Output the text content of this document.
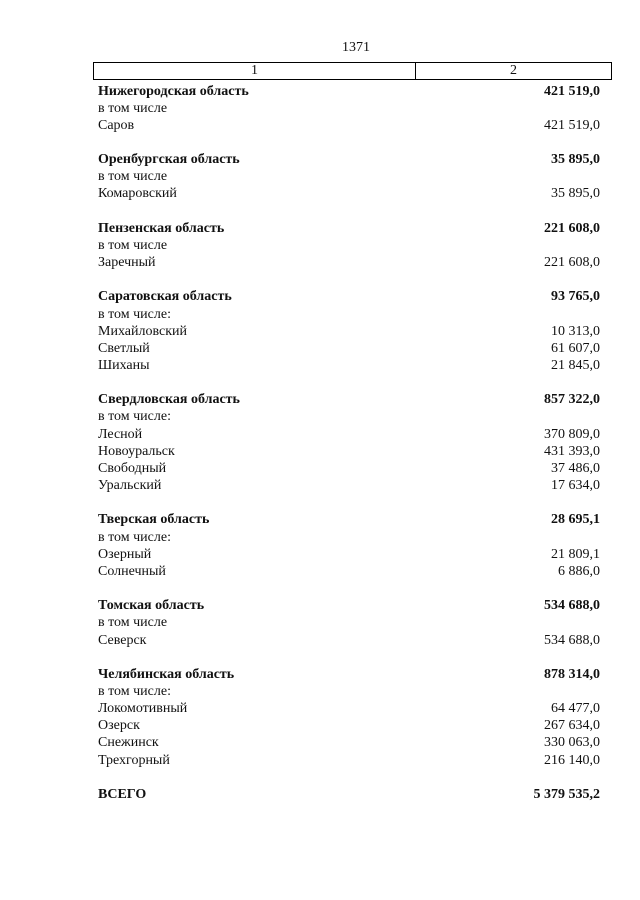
1371
1	2
Нижегородская область	421 519,0
в том числе
Саров	421 519,0
Оренбургская область	35 895,0
в том числе
Комаровский	35 895,0
Пензенская область	221 608,0
в том числе
Заречный	221 608,0
Саратовская область	93 765,0
в том числе:
Михайловский	10 313,0
Светлый	61 607,0
Шиханы	21 845,0
Свердловская область	857 322,0
в том числе:
Лесной	370 809,0
Новоуральск	431 393,0
Свободный	37 486,0
Уральский	17 634,0
Тверская область	28 695,1
в том числе:
Озерный	21 809,1
Солнечный	6 886,0
Томская область	534 688,0
в том числе
Северск	534 688,0
Челябинская область	878 314,0
в том числе:
Локомотивный	64 477,0
Озерск	267 634,0
Снежинск	330 063,0
Трехгорный	216 140,0
ВСЕГО	5 379 535,2
